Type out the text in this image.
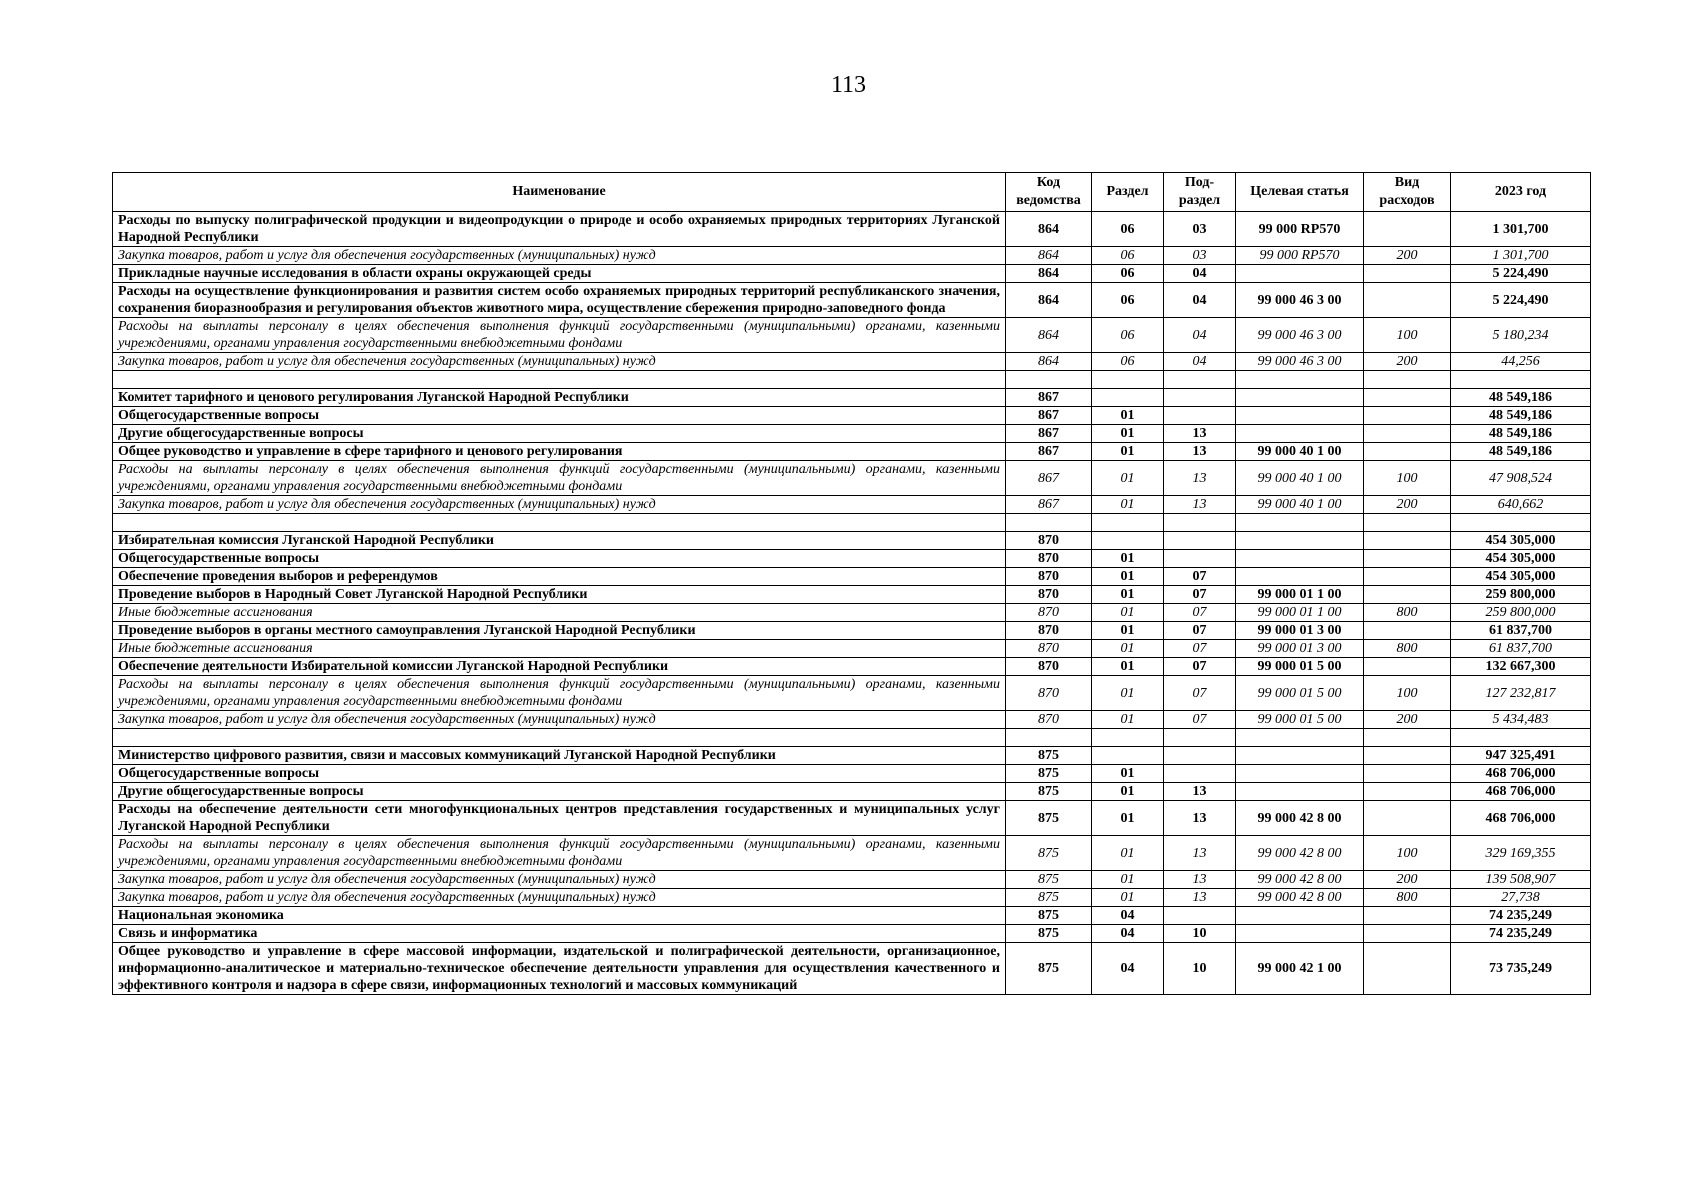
113
Наименование	Код ведомства	Раздел	Под-раздел	Целевая статья	Вид расходов	2023 год
Расходы по выпуску полиграфической продукции и видеопродукции о природе и особо охраняемых природных территориях Луганской Народной Республики	864	06	03	99 000 RP570		1 301,700
Закупка товаров, работ и услуг для обеспечения государственных (муниципальных) нужд	864	06	03	99 000 RP570	200	1 301,700
Прикладные научные исследования в области охраны окружающей среды	864	06	04			5 224,490
Расходы на осуществление функционирования и развития систем особо охраняемых природных территорий республиканского значения, сохранения биоразнообразия и регулирования объектов животного мира, осуществление сбережения природно-заповедного фонда	864	06	04	99 000 46 3 00		5 224,490
Расходы на выплаты персоналу в целях обеспечения выполнения функций государственными (муниципальными) органами, казенными учреждениями, органами управления государственными внебюджетными фондами	864	06	04	99 000 46 3 00	100	5 180,234
Закупка товаров, работ и услуг для обеспечения государственных (муниципальных) нужд	864	06	04	99 000 46 3 00	200	44,256

Комитет тарифного и ценового регулирования Луганской Народной Республики	867					48 549,186
Общегосударственные вопросы	867	01				48 549,186
Другие общегосударственные вопросы	867	01	13			48 549,186
Общее руководство и управление в сфере тарифного и ценового регулирования	867	01	13	99 000 40 1 00		48 549,186
Расходы на выплаты персоналу в целях обеспечения выполнения функций государственными (муниципальными) органами, казенными учреждениями, органами управления государственными внебюджетными фондами	867	01	13	99 000 40 1 00	100	47 908,524
Закупка товаров, работ и услуг для обеспечения государственных (муниципальных) нужд	867	01	13	99 000 40 1 00	200	640,662

Избирательная комиссия Луганской Народной Республики	870					454 305,000
Общегосударственные вопросы	870	01				454 305,000
Обеспечение проведения выборов и референдумов	870	01	07			454 305,000
Проведение выборов в Народный Совет Луганской Народной Республики	870	01	07	99 000 01 1 00		259 800,000
Иные бюджетные ассигнования	870	01	07	99 000 01 1 00	800	259 800,000
Проведение выборов в органы местного самоуправления Луганской Народной Республики	870	01	07	99 000 01 3 00		61 837,700
Иные бюджетные ассигнования	870	01	07	99 000 01 3 00	800	61 837,700
Обеспечение деятельности Избирательной комиссии Луганской Народной Республики	870	01	07	99 000 01 5 00		132 667,300
Расходы на выплаты персоналу в целях обеспечения выполнения функций государственными (муниципальными) органами, казенными учреждениями, органами управления государственными внебюджетными фондами	870	01	07	99 000 01 5 00	100	127 232,817
Закупка товаров, работ и услуг для обеспечения государственных (муниципальных) нужд	870	01	07	99 000 01 5 00	200	5 434,483

Министерство цифрового развития, связи и массовых коммуникаций Луганской Народной Республики	875					947 325,491
Общегосударственные вопросы	875	01				468 706,000
Другие общегосударственные вопросы	875	01	13			468 706,000
Расходы на обеспечение деятельности сети многофункциональных центров представления государственных и муниципальных услуг Луганской Народной Республики	875	01	13	99 000 42 8 00		468 706,000
Расходы на выплаты персоналу в целях обеспечения выполнения функций государственными (муниципальными) органами, казенными учреждениями, органами управления государственными внебюджетными фондами	875	01	13	99 000 42 8 00	100	329 169,355
Закупка товаров, работ и услуг для обеспечения государственных (муниципальных) нужд	875	01	13	99 000 42 8 00	200	139 508,907
Закупка товаров, работ и услуг для обеспечения государственных (муниципальных) нужд	875	01	13	99 000 42 8 00	800	27,738
Национальная экономика	875	04				74 235,249
Связь и информатика	875	04	10			74 235,249
Общее руководство и управление в сфере массовой информации, издательской и полиграфической деятельности, организационное, информационно-аналитическое и материально-техническое обеспечение деятельности управления для осуществления качественного и эффективного контроля и надзора в сфере связи, информационных технологий и массовых коммуникаций	875	04	10	99 000 42 1 00		73 735,249
